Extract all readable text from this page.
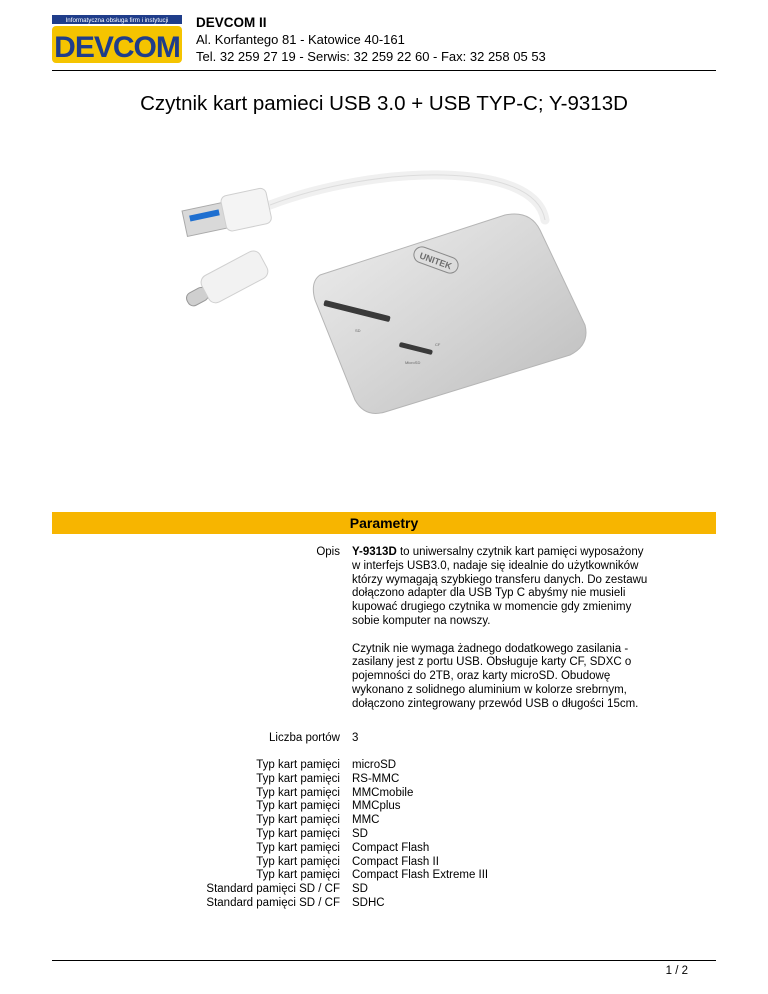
Informatyczna obsługa firm i instytucji
DEVCOM
DEVCOM II
Al. Korfantego 81 - Katowice 40-161
Tel. 32 259 27 19 - Serwis: 32 259 22 60 - Fax: 32 258 05 53
Czytnik kart pamieci USB 3.0 + USB TYP-C; Y-9313D
UNITEK
SD
MicroSD
CF
Parametry
Opis Y-9313D to uniwersalny czytnik kart pamięci wyposażony w interfejs USB3.0, nadaje się idealnie do użytkowników którzy wymagają szybkiego transferu danych. Do zestawu dołączono adapter dla USB Typ C abyśmy nie musieli kupować drugiego czytnika w momencie gdy zmienimy sobie komputer na nowszy.

Czytnik nie wymaga żadnego dodatkowego zasilania - zasilany jest z portu USB. Obsługuje karty CF, SDXC o pojemności do 2TB, oraz karty microSD. Obudowę wykonano z solidnego aluminium w kolorze srebrnym, dołączono zintegrowany przewód USB o długości 15cm.

Liczba portów 3
Typ kart pamięci
Typ kart pamięci
Typ kart pamięci
Typ kart pamięci
Typ kart pamięci
Typ kart pamięci
Typ kart pamięci
Typ kart pamięci
Typ kart pamięci
Standard pamięci SD / CF
Standard pamięci SD / CF
microSD
RS-MMC
MMCmobile
MMCplus
MMC
SD
Compact Flash
Compact Flash II
Compact Flash Extreme III
SD
SDHC
1 / 2
